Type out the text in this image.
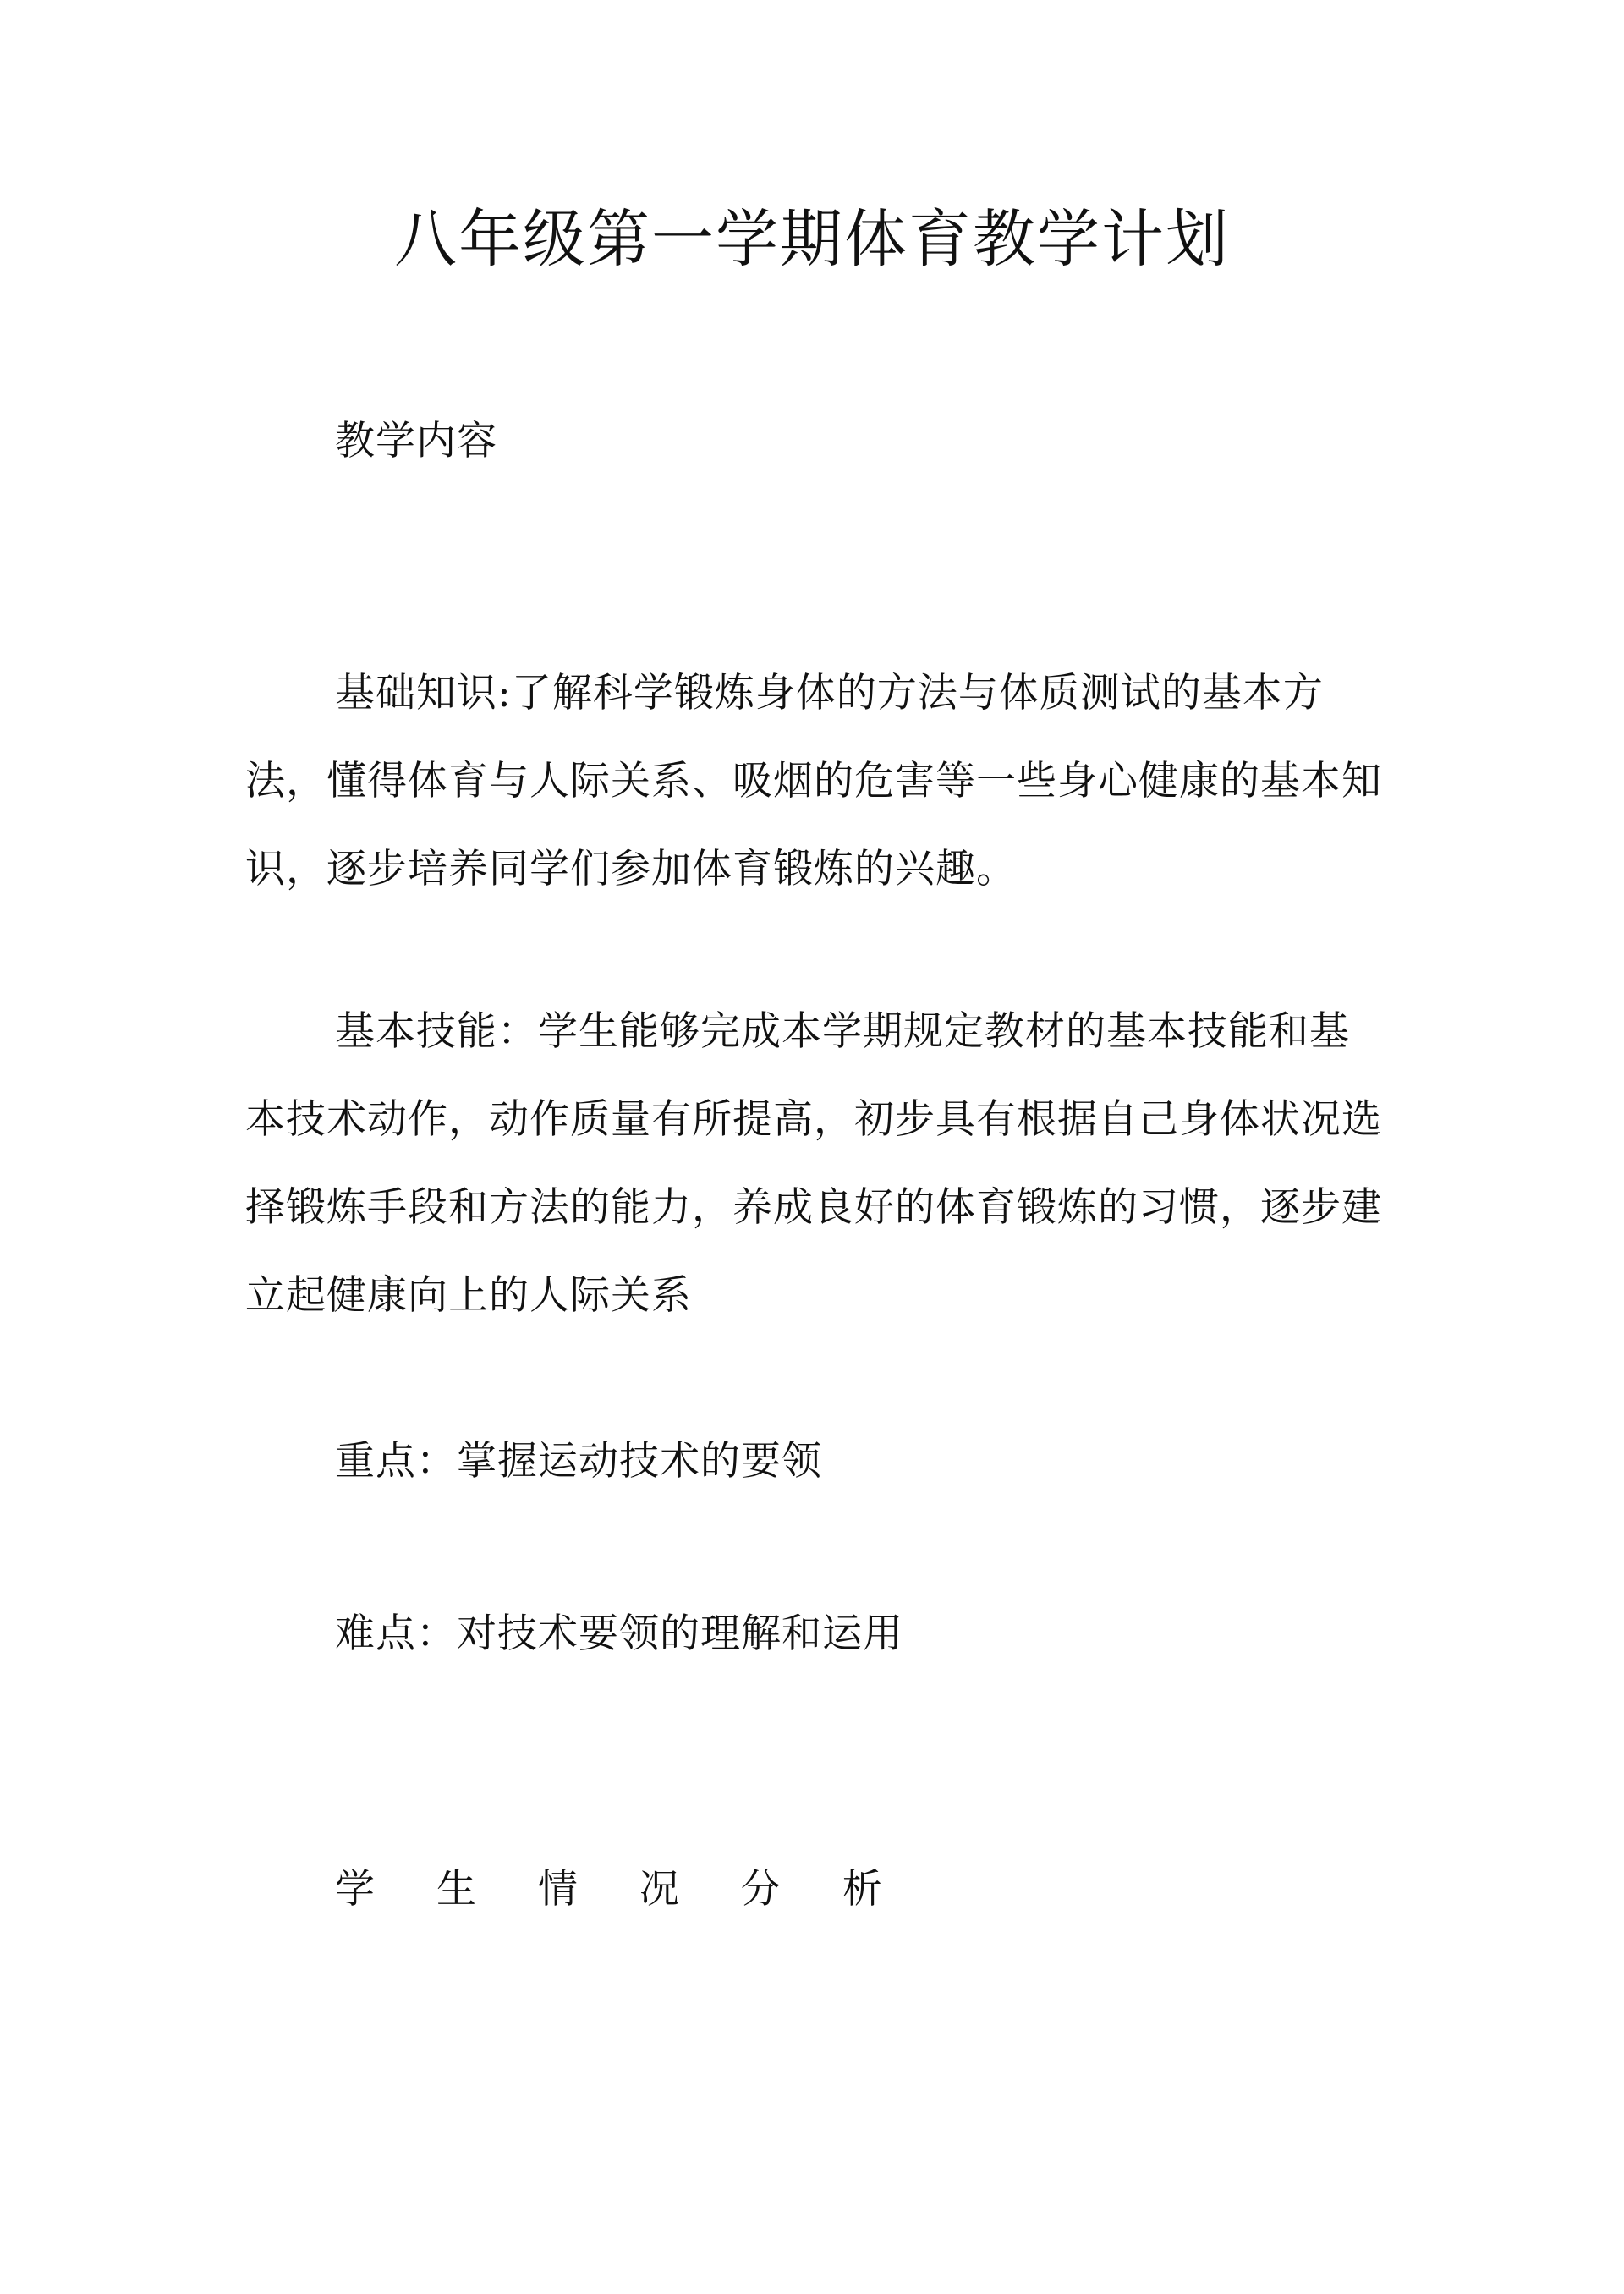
八年级第一学期体育教学计划

教学内容

基础知识:了解科学锻炼身体的方法与体质测试的基本方法，懂得体育与人际关系、吸烟的危害等一些身心健康的基本知识，逐步培养同学们参加体育锻炼的兴趣。

基本技能：学生能够完成本学期规定教材的基本技能和基本技术动作，动作质量有所提高，初步具有根据自己身体状况选择锻炼手段和方法的能力，养成良好的体育锻炼的习惯，逐步建立起健康向上的人际关系

重点：掌握运动技术的要领

难点：对技术要领的理解和运用

学 生 情 况 分 析
